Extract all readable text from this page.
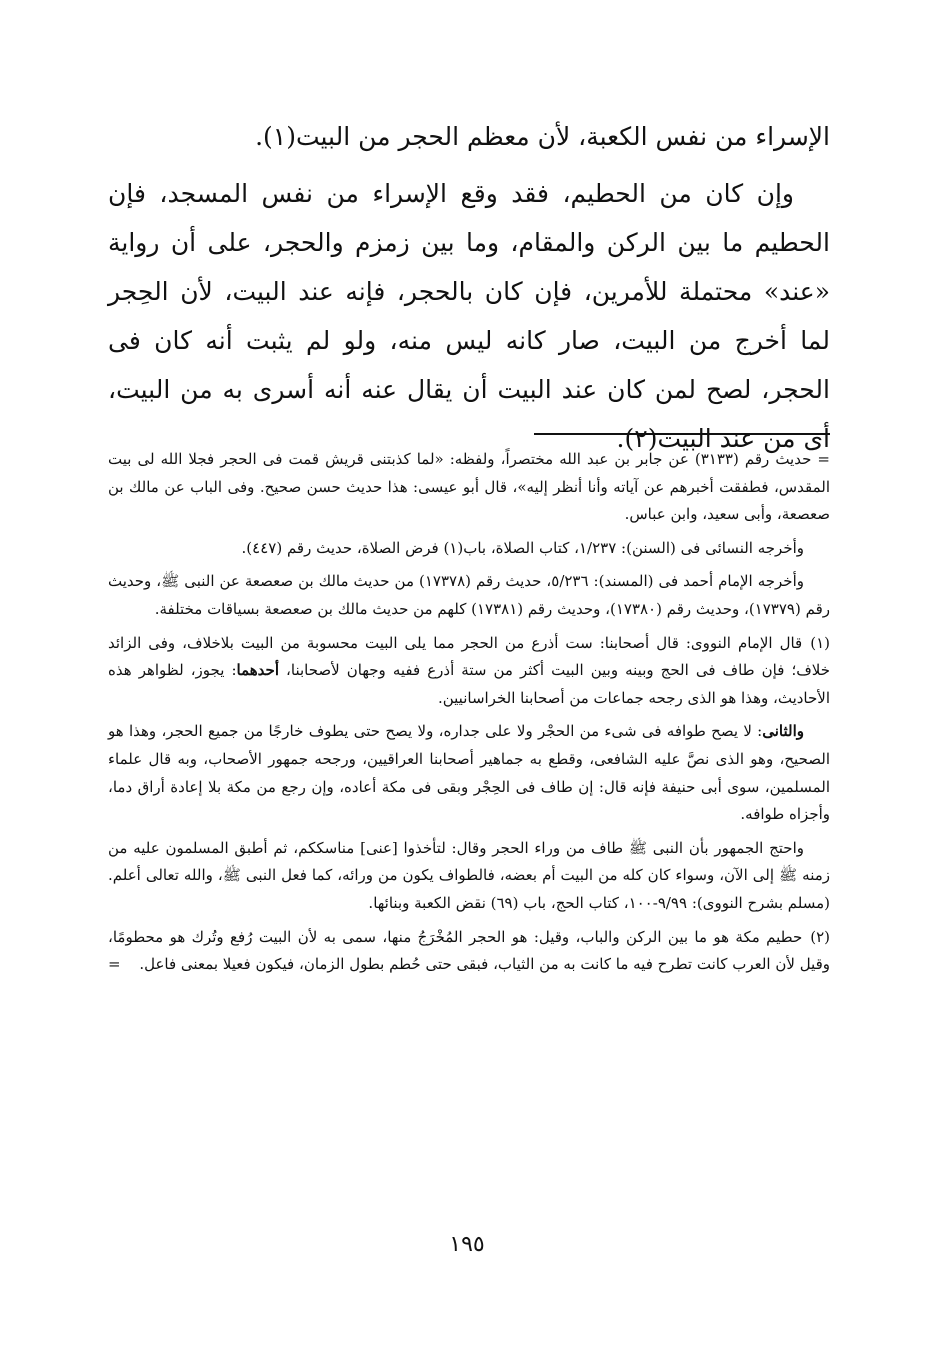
الإسراء من نفس الكعبة، لأن معظم الحجر من البيت(١).

وإن كان من الحطيم، فقد وقع الإسراء من نفس المسجد، فإن الحطيم ما بين الركن والمقام، وما بين زمزم والحجر، على أن رواية «عند» محتملة للأمرين، فإن كان بالحجر، فإنه عند البيت، لأن الحِجر لما أخرج من البيت، صار كانه ليس منه، ولو لم يثبت أنه كان فى الحجر، لصح لمن كان عند البيت أن يقال عنه أنه أسرى به من البيت، أى من عند البيت(٢).

= حديث رقم (٣١٣٣) عن جابر بن عبد الله مختصراً، ولفظه: «لما كذبتنى قريش قمت فى الحجر فجلا الله لى بيت المقدس، فطفقت أخبرهم عن آياته وأنا أنظر إليه»، قال أبو عيسى: هذا حديث حسن صحيح. وفى الباب عن مالك بن صعصعة، وأبى سعيد، وابن عباس.

وأخرجه النسائى فى (السنن): ١/٢٣٧، كتاب الصلاة، باب(١) فرض الصلاة، حديث رقم (٤٤٧).

وأخرجه الإمام أحمد فى (المسند): ٥/٢٣٦، حديث رقم (١٧٣٧٨) من حديث مالك بن صعصعة عن النبى ﷺ، وحديث رقم (١٧٣٧٩)، وحديث رقم (١٧٣٨٠)، وحديث رقم (١٧٣٨١) كلهم من حديث مالك بن صعصعة بسياقات مختلفة.

(١)قال الإمام النووى: قال أصحابنا: ست أذرع من الحجر مما يلى البيت محسوبة من البيت بلاخلاف، وفى الزائد خلاف؛ فإن طاف فى الحج وبينه وبين البيت أكثر من ستة أذرع ففيه وجهان لأصحابنا، أحدهما: يجوز، لظواهر هذه الأحاديث، وهذا هو الذى رجحه جماعات من أصحابنا الخراسانيين.

والثانى: لا يصح طوافه فى شىء من الحجْر ولا على جداره، ولا يصح حتى يطوف خارجًا من جميع الحجر، وهذا هو الصحيح، وهو الذى نصَّ عليه الشافعى، وقطع به جماهير أصحابنا العراقيين، ورجحه جمهور الأصحاب، وبه قال علماء المسلمين، سوى أبى حنيفة فإنه قال: إن طاف فى الحِجْر وبقى فى مكة أعاده، وإن رجع من مكة بلا إعادة أراق دما، وأجزاه طوافه.

واحتج الجمهور بأن النبى ﷺ طاف من وراء الحجر وقال: لتأخذوا [عنى] مناسككم، ثم أطبق المسلمون عليه من زمنه ﷺ إلى الآن، وسواء كان كله من البيت أم بعضه، فالطواف يكون من ورائه، كما فعل النبى ﷺ، والله تعالى أعلم. (مسلم بشرح النووى): ٩/٩٩-١٠٠، كتاب الحج، باب (٦٩) نقض الكعبة وبنائها.

(٢)حطيم مكة هو ما بين الركن والباب، وقيل: هو الحجر المُخْرَجُ منها، سمى به لأن البيت رُفع وتُرك هو محطومًا، وقيل لأن العرب كانت تطرح فيه ما كانت به من الثياب، فبقى حتى حُطم بطول الزمان، فيكون فعيلا بمعنى فاعل.
=

١٩٥
